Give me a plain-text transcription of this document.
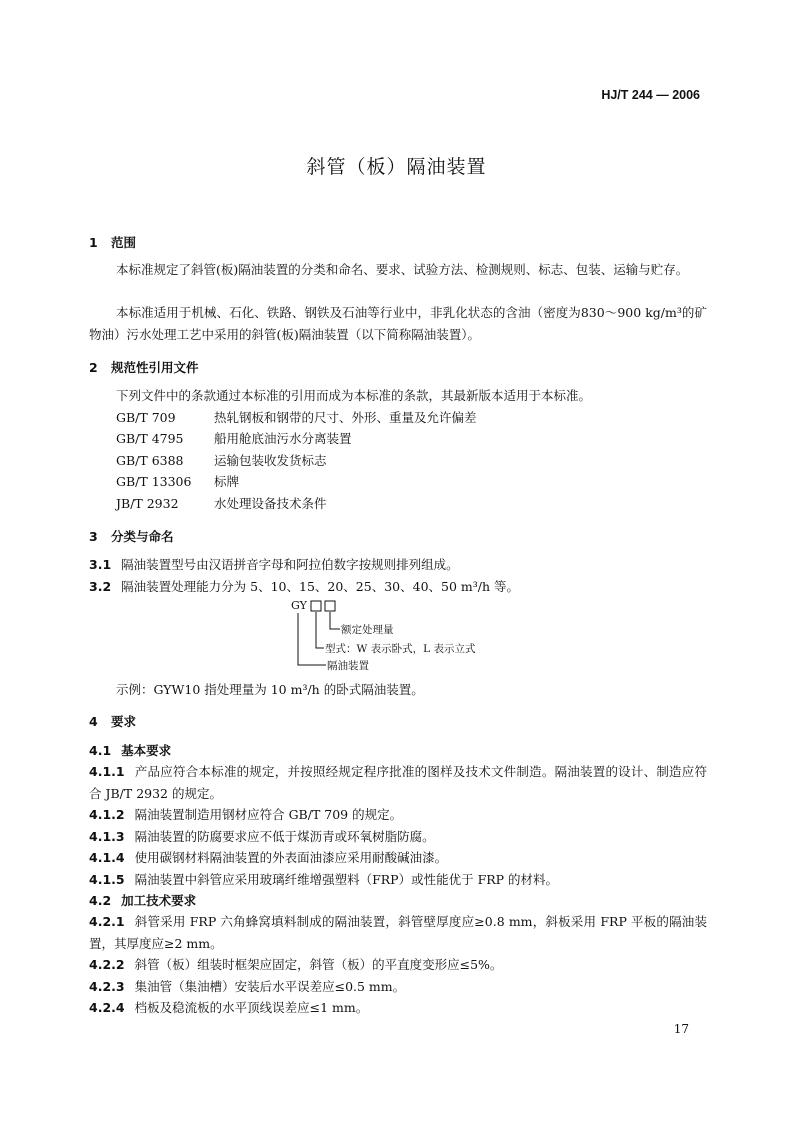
HJ/T 244 — 2006
斜管（板）隔油装置
1 范围
本标准规定了斜管(板)隔油装置的分类和命名、要求、试验方法、检测规则、标志、包装、运输与贮存。
本标准适用于机械、石化、铁路、钢铁及石油等行业中，非乳化状态的含油（密度为830～900 kg/m³的矿物油）污水处理工艺中采用的斜管(板)隔油装置（以下简称隔油装置）。
2 规范性引用文件
下列文件中的条款通过本标准的引用而成为本标准的条款，其最新版本适用于本标准。
GB/T 709	热轧钢板和钢带的尺寸、外形、重量及允许偏差
GB/T 4795 船用舱底油污水分离装置
GB/T 6388 运输包装收发货标志
GB/T 13306 标牌
JB/T 2932	水处理设备技术条件
3 分类与命名
3.1 隔油装置型号由汉语拼音字母和阿拉伯数字按规则排列组成。
3.2 隔油装置处理能力分为 5、10、15、20、25、30、40、50 m³/h 等。
GY
额定处理量
型式：W 表示卧式，L 表示立式
隔油装置
示例：GYW10 指处理量为 10 m³/h 的卧式隔油装置。
4 要求
4.1 基本要求
4.1.1 产品应符合本标准的规定，并按照经规定程序批准的图样及技术文件制造。隔油装置的设计、制造应符合 JB/T 2932 的规定。
4.1.2 隔油装置制造用钢材应符合 GB/T 709 的规定。
4.1.3 隔油装置的防腐要求应不低于煤沥青或环氧树脂防腐。
4.1.4 使用碳钢材料隔油装置的外表面油漆应采用耐酸碱油漆。
4.1.5 隔油装置中斜管应采用玻璃纤维增强塑料（FRP）或性能优于 FRP 的材料。
4.2 加工技术要求
4.2.1 斜管采用 FRP 六角蜂窝填料制成的隔油装置，斜管壁厚度应≥0.8 mm，斜板采用 FRP 平板的隔油装置，其厚度应≥2 mm。
4.2.2 斜管（板）组装时框架应固定，斜管（板）的平直度变形应≤5%。
4.2.3 集油管（集油槽）安装后水平误差应≤0.5 mm。
4.2.4 档板及稳流板的水平顶线误差应≤1 mm。
17
